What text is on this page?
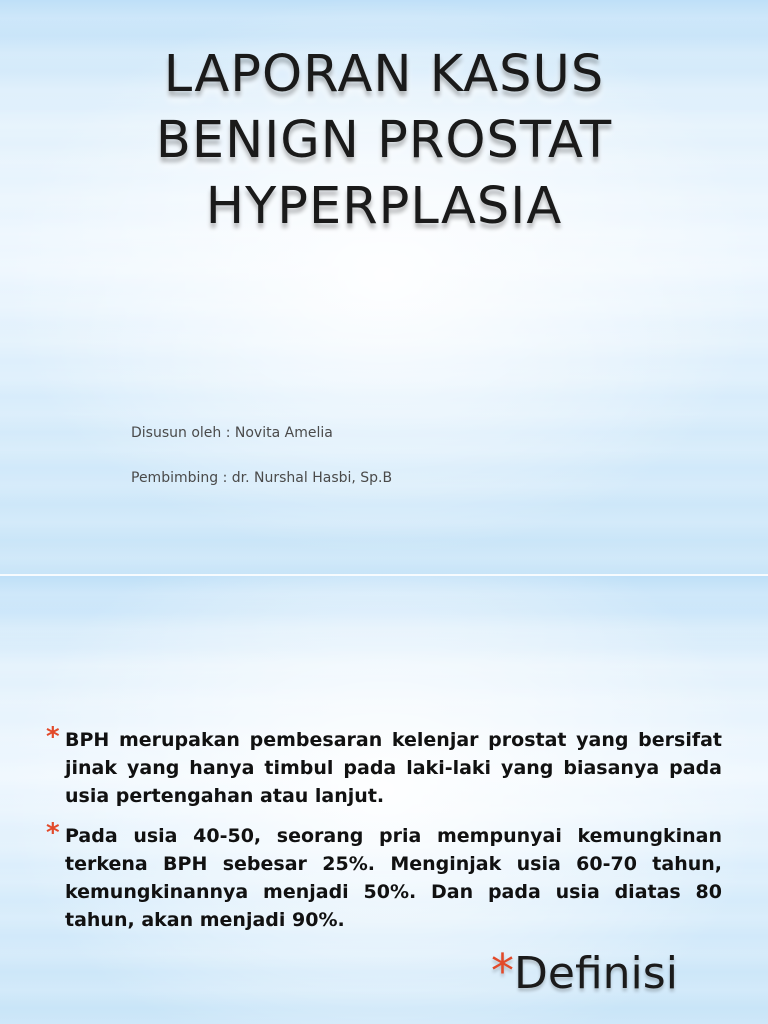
LAPORAN KASUS
BENIGN PROSTAT
HYPERPLASIA

Disusun oleh : Novita Amelia

Pembimbing : dr. Nurshal Hasbi, Sp.B

* BPH merupakan pembesaran kelenjar prostat yang bersifat jinak yang hanya timbul pada laki-laki yang biasanya pada usia pertengahan atau lanjut.
* Pada usia 40-50, seorang pria mempunyai kemungkinan terkena BPH sebesar 25%. Menginjak usia 60-70 tahun, kemungkinannya menjadi 50%. Dan pada usia diatas 80 tahun, akan menjadi 90%.
*Definisi
